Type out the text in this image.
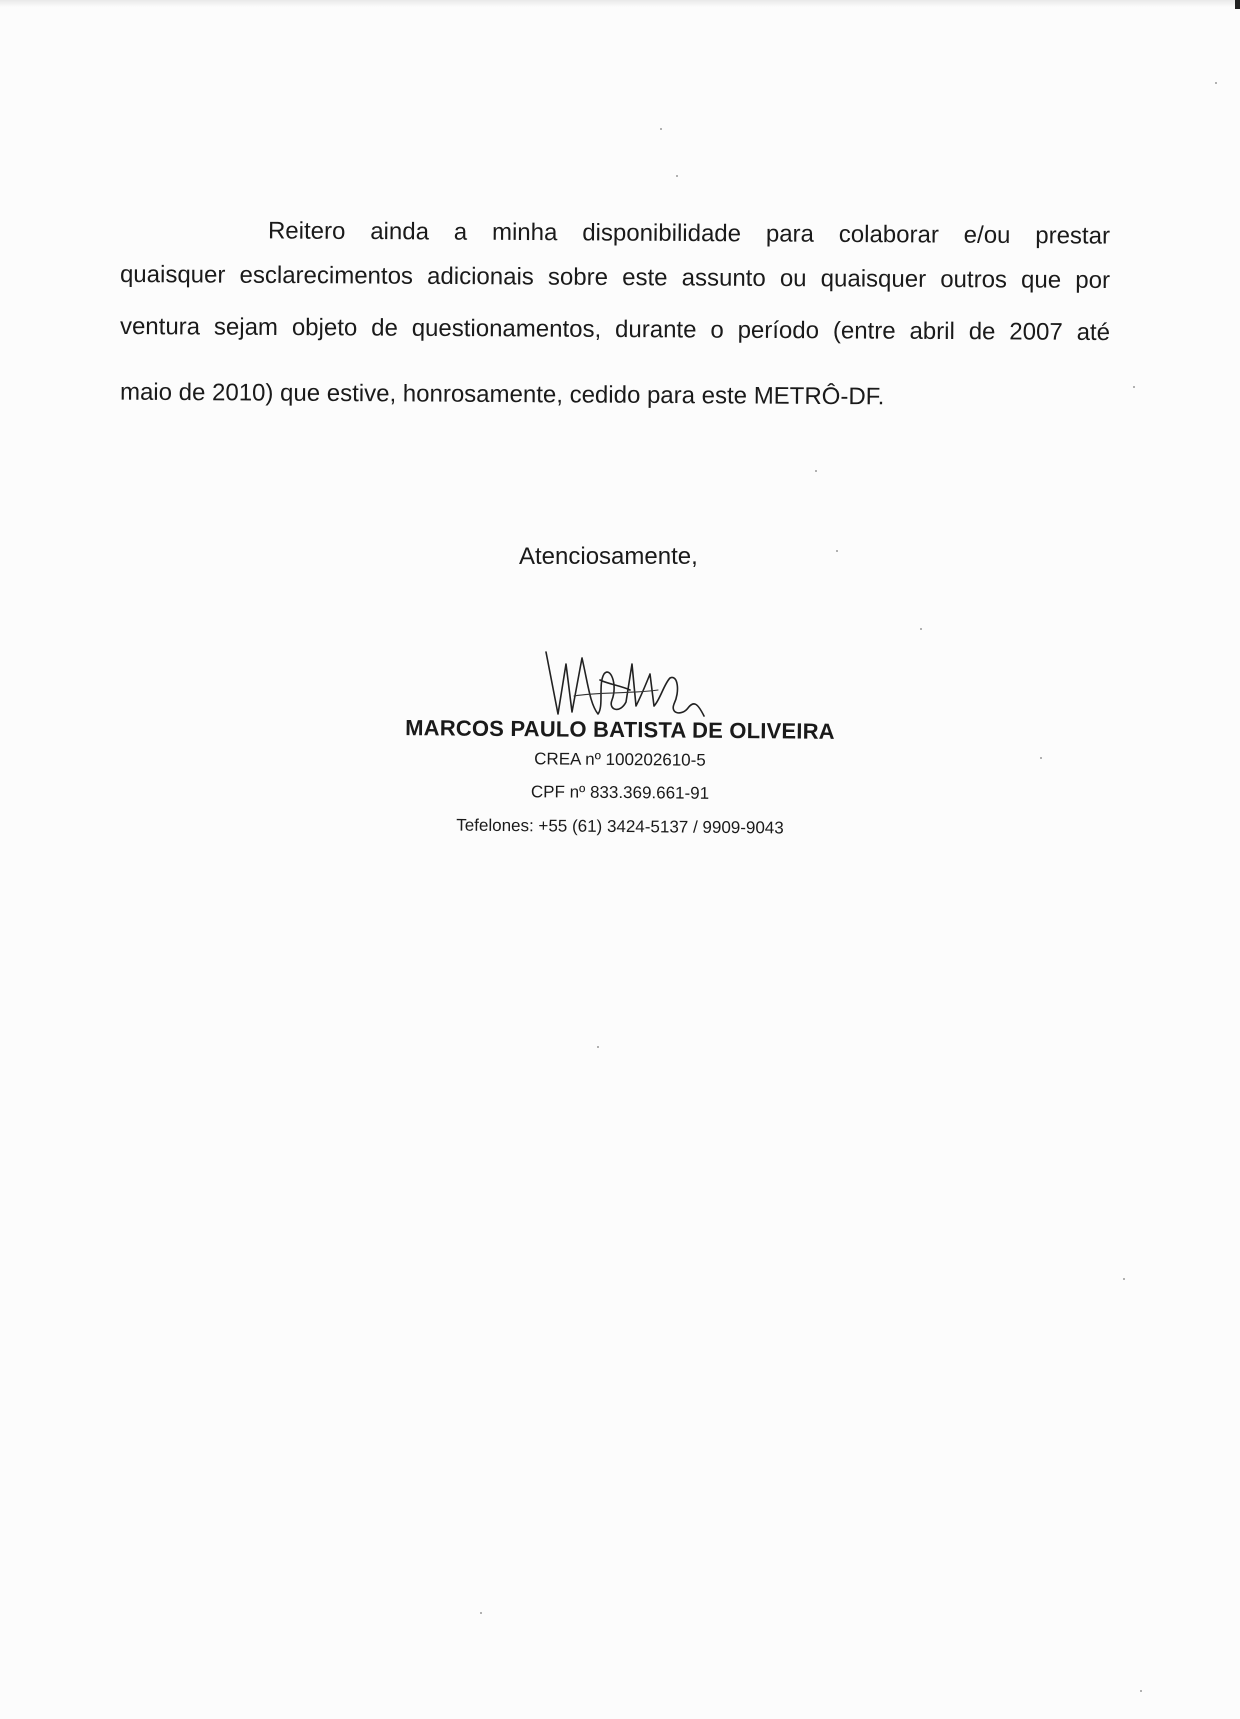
Reitero ainda a minha disponibilidade para colaborar e/ou prestar
quaisquer esclarecimentos adicionais sobre este assunto ou quaisquer outros que por
ventura sejam objeto de questionamentos, durante o período (entre abril de 2007 até
maio de 2010) que estive, honrosamente, cedido para este METRÔ-DF.
Atenciosamente,
MARCOS PAULO BATISTA DE OLIVEIRA
CREA nº 100202610-5
CPF nº 833.369.661-91
Tefelones: +55 (61) 3424-5137 / 9909-9043
